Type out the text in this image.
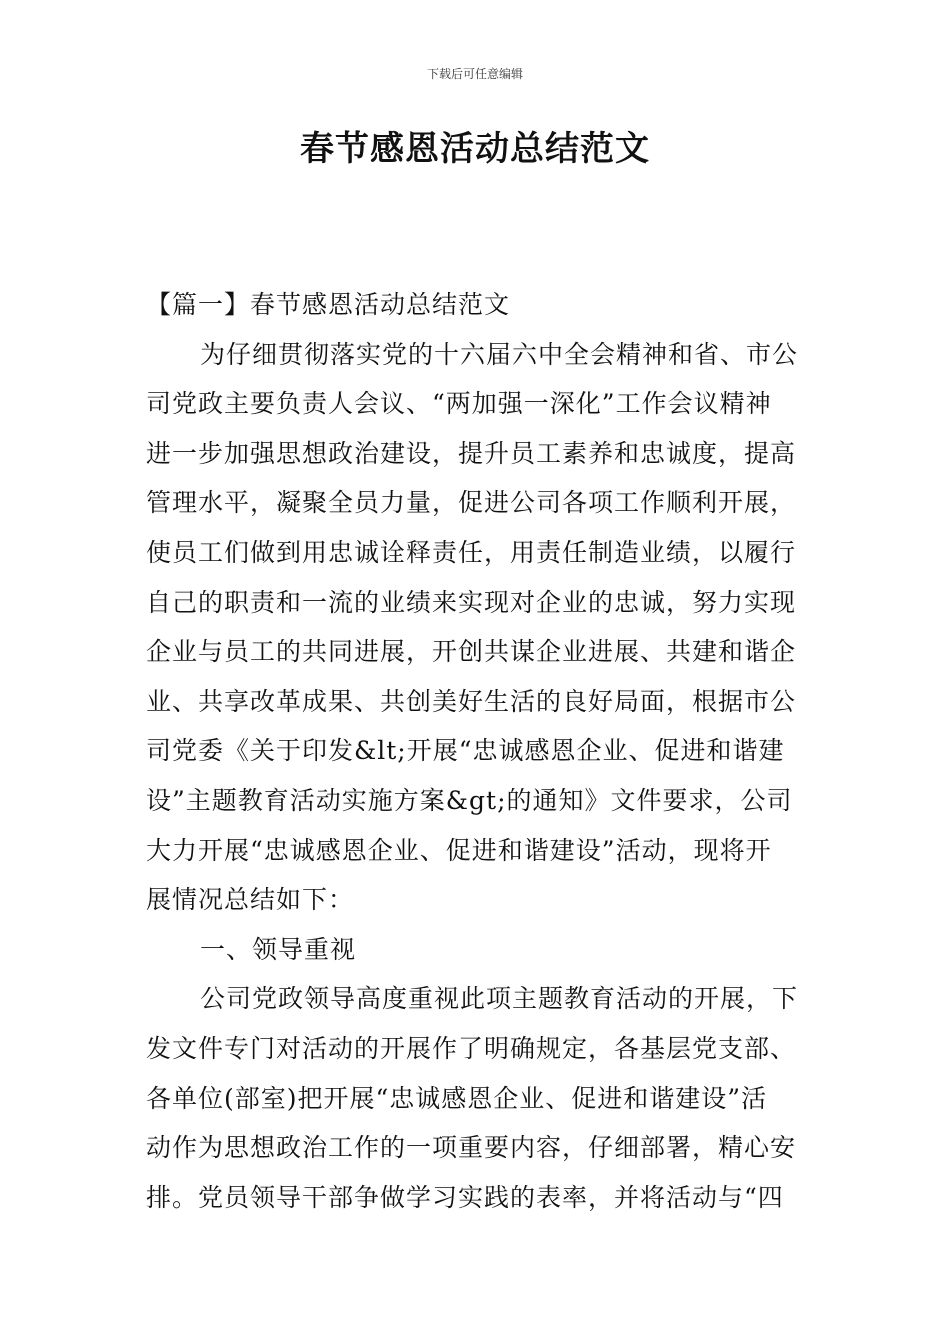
下载后可任意编辑
春节感恩活动总结范文
【篇一】春节感恩活动总结范文
为仔细贯彻落实党的十六届六中全会精神和省、市公
司党政主要负责人会议、“两加强一深化”工作会议精神
进一步加强思想政治建设，提升员工素养和忠诚度，提高
管理水平，凝聚全员力量，促进公司各项工作顺利开展，
使员工们做到用忠诚诠释责任，用责任制造业绩，以履行
自己的职责和一流的业绩来实现对企业的忠诚，努力实现
企业与员工的共同进展，开创共谋企业进展、共建和谐企
业、共享改革成果、共创美好生活的良好局面，根据市公
司党委《关于印发&lt;开展“忠诚感恩企业、促进和谐建
设”主题教育活动实施方案&gt;的通知》文件要求，公司
大力开展“忠诚感恩企业、促进和谐建设”活动，现将开
展情况总结如下：
一、领导重视
公司党政领导高度重视此项主题教育活动的开展，下
发文件专门对活动的开展作了明确规定，各基层党支部、
各单位(部室)把开展“忠诚感恩企业、促进和谐建设”活
动作为思想政治工作的一项重要内容，仔细部署，精心安
排。党员领导干部争做学习实践的表率，并将活动与“四
